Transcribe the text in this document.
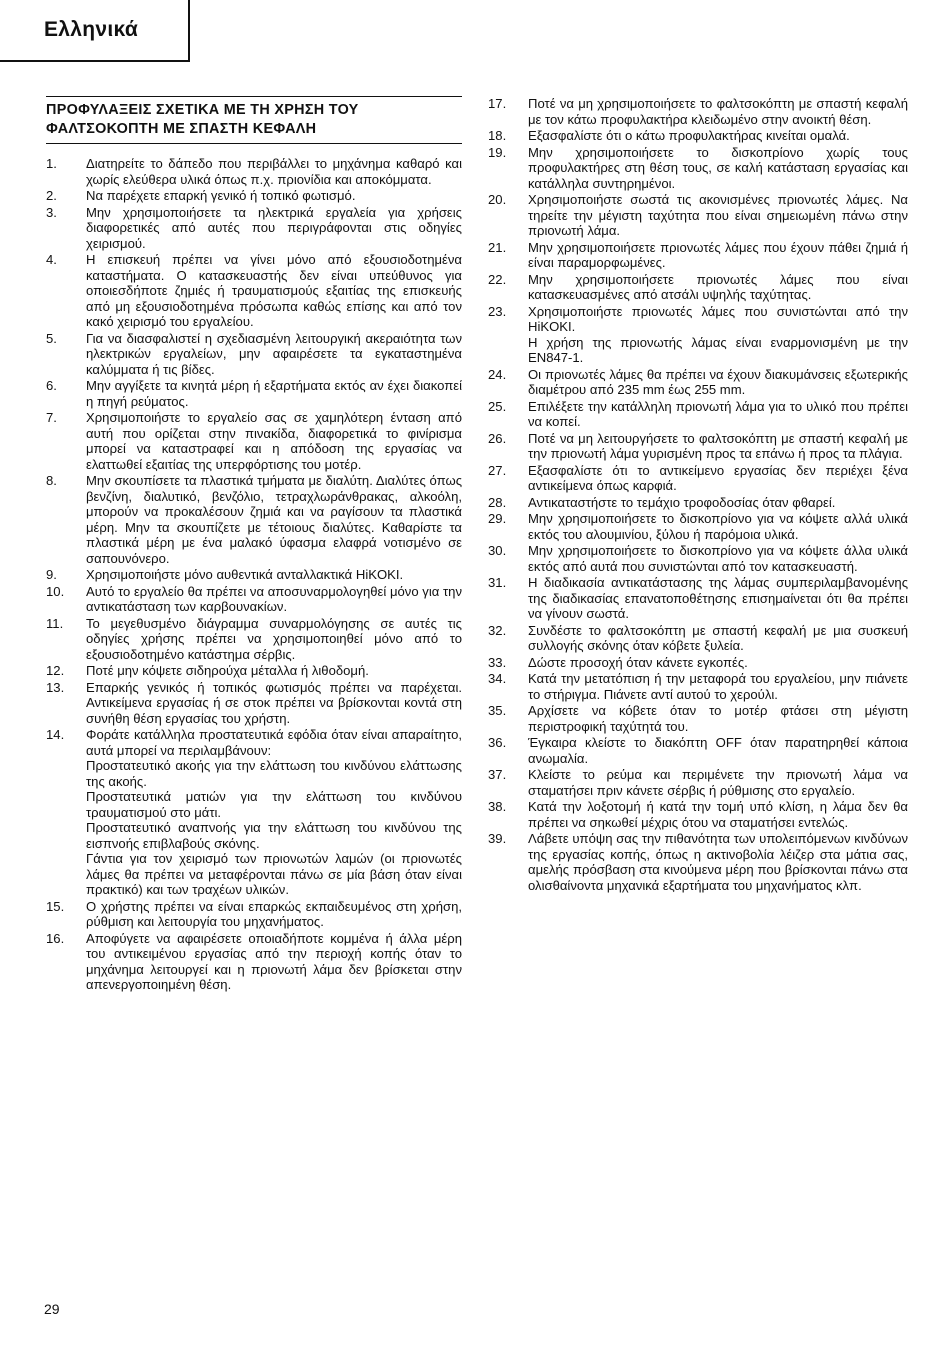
Ελληνικά
ΠΡΟΦΥΛΑΞΕΙΣ ΣΧΕΤΙΚΑ ΜΕ ΤΗ ΧΡΗΣΗ ΤΟΥ
ΦΑΛΤΣΟΚΟΠΤΗ ΜΕ ΣΠΑΣΤΗ ΚΕΦΑΛΗ
1.	Διατηρείτε το δάπεδο που περιβάλλει το μηχάνημα καθαρό και χωρίς ελεύθερα υλικά όπως π.χ. πριονίδια και αποκόμματα.
2.	Να παρέχετε επαρκή γενικό ή τοπικό φωτισμό.
3.	Μην χρησιμοποιήσετε τα ηλεκτρικά εργαλεία για χρήσεις διαφορετικές από αυτές που περιγράφονται στις οδηγίες χειρισμού.
4.	Η επισκευή πρέπει να γίνει μόνο από εξουσιοδοτημένα καταστήματα. Ο κατασκευαστής δεν είναι υπεύθυνος για οποιεσδήποτε ζημιές ή τραυματισμούς εξαιτίας της επισκευής από μη εξουσιοδοτημένα πρόσωπα καθώς επίσης και από τον κακό χειρισμό του εργαλείου.
5.	Για να διασφαλιστεί η σχεδιασμένη λειτουργική ακεραιότητα των ηλεκτρικών εργαλείων, μην αφαιρέσετε τα εγκαταστημένα καλύμματα ή τις βίδες.
6.	Μην αγγίξετε τα κινητά μέρη ή εξαρτήματα εκτός αν έχει διακοπεί η πηγή ρεύματος.
7.	Χρησιμοποιήστε το εργαλείο σας σε χαμηλότερη ένταση από αυτή που ορίζεται στην πινακίδα, διαφορετικά το φινίρισμα μπορεί να καταστραφεί και η απόδοση της εργασίας να ελαττωθεί εξαιτίας της υπερφόρτισης του μοτέρ.
8.	Μην σκουπίσετε τα πλαστικά τμήματα με διαλύτη. Διαλύτες όπως βενζίνη, διαλυτικό, βενζόλιο, τετραχλωράνθρακας, αλκοόλη, μπορούν να προκαλέσουν ζημιά και να ραγίσουν τα πλαστικά μέρη. Μην τα σκουπίζετε με τέτοιους διαλύτες. Καθαρίστε τα πλαστικά μέρη με ένα μαλακό ύφασμα ελαφρά νοτισμένο σε σαπουνόνερο.
9.	Χρησιμοποιήστε μόνο αυθεντικά ανταλλακτικά HiKOKI.
10.	Αυτό το εργαλείο θα πρέπει να αποσυναρμολογηθεί μόνο για την αντικατάσταση των καρβουνακίων.
11.	Το μεγεθυσμένο διάγραμμα συναρμολόγησης σε αυτές τις οδηγίες χρήσης πρέπει να χρησιμοποιηθεί μόνο από το εξουσιοδοτημένο κατάστημα σέρβις.
12.	Ποτέ μην κόψετε σιδηρούχα μέταλλα ή λιθοδομή.
13.	Επαρκής γενικός ή τοπικός φωτισμός πρέπει να παρέχεται. Αντικείμενα εργασίας ή σε στοκ πρέπει να βρίσκονται κοντά στη συνήθη θέση εργασίας του χρήστη.
14.	Φοράτε κατάλληλα προστατευτικά εφόδια όταν είναι απαραίτητο, αυτά μπορεί να περιλαμβάνουν:
Προστατευτικό ακοής για την ελάττωση του κινδύνου ελάττωσης της ακοής.
Προστατευτικά ματιών για την ελάττωση του κινδύνου τραυματισμού στο μάτι.
Προστατευτικό αναπνοής για την ελάττωση του κινδύνου της εισπνοής επιβλαβούς σκόνης.
Γάντια για τον χειρισμό των πριονωτών λαμών (οι πριονωτές λάμες θα πρέπει να μεταφέρονται πάνω σε μία βάση όταν είναι πρακτικό) και των τραχέων υλικών.
15.	Ο χρήστης πρέπει να είναι επαρκώς εκπαιδευμένος στη χρήση, ρύθμιση και λειτουργία του μηχανήματος.
16.	Αποφύγετε να αφαιρέσετε οποιαδήποτε κομμένα ή άλλα μέρη του αντικειμένου εργασίας από την περιοχή κοπής όταν το μηχάνημα λειτουργεί και η πριονωτή λάμα δεν βρίσκεται στην απενεργοποιημένη θέση.
17.	Ποτέ να μη χρησιμοποιήσετε το φαλτσοκόπτη με σπαστή κεφαλή με τον κάτω προφυλακτήρα κλειδωμένο στην ανοικτή θέση.
18.	Εξασφαλίστε ότι ο κάτω προφυλακτήρας κινείται ομαλά.
19.	Μην χρησιμοποιήσετε το δισκοπρίονο χωρίς τους προφυλακτήρες στη θέση τους, σε καλή κατάσταση εργασίας και κατάλληλα συντηρημένοι.
20.	Χρησιμοποιήστε σωστά τις ακονισμένες πριονωτές λάμες. Να τηρείτε την μέγιστη ταχύτητα που είναι σημειωμένη πάνω στην πριονωτή λάμα.
21.	Μην χρησιμοποιήσετε πριονωτές λάμες που έχουν πάθει ζημιά ή είναι παραμορφωμένες.
22.	Μην χρησιμοποιήσετε πριονωτές λάμες που είναι κατασκευασμένες από ατσάλι υψηλής ταχύτητας.
23.	Χρησιμοποιήστε πριονωτές λάμες που συνιστώνται από την HiKOKI.
Η χρήση της πριονωτής λάμας είναι εναρμονισμένη με την EN847-1.
24.	Οι πριονωτές λάμες θα πρέπει να έχουν διακυμάνσεις εξωτερικής διαμέτρου από 235 mm έως 255 mm.
25.	Επιλέξετε την κατάλληλη πριονωτή λάμα για το υλικό που πρέπει να κοπεί.
26.	Ποτέ να μη λειτουργήσετε το φαλτσοκόπτη με σπαστή κεφαλή με την πριονωτή λάμα γυρισμένη προς τα επάνω ή προς τα πλάγια.
27.	Εξασφαλίστε ότι το αντικείμενο εργασίας δεν περιέχει ξένα αντικείμενα όπως καρφιά.
28.	Αντικαταστήστε το τεμάχιο τροφοδοσίας όταν φθαρεί.
29.	Μην χρησιμοποιήσετε το δισκοπρίονο για να κόψετε αλλά υλικά εκτός του αλουμινίου, ξύλου ή παρόμοια υλικά.
30.	Μην χρησιμοποιήσετε το δισκοπρίονο για να κόψετε άλλα υλικά εκτός από αυτά που συνιστώνται από τον κατασκευαστή.
31.	Η διαδικασία αντικατάστασης της λάμας συμπεριλαμβανομένης της διαδικασίας επανατοποθέτησης επισημαίνεται ότι θα πρέπει να γίνουν σωστά.
32.	Συνδέστε το φαλτσοκόπτη με σπαστή κεφαλή με μια συσκευή συλλογής σκόνης όταν κόβετε ξυλεία.
33.	Δώστε προσοχή όταν κάνετε εγκοπές.
34.	Κατά την μετατόπιση ή την μεταφορά του εργαλείου, μην πιάνετε το στήριγμα. Πιάνετε αντί αυτού το χερούλι.
35.	Αρχίσετε να κόβετε όταν το μοτέρ φτάσει στη μέγιστη περιστροφική ταχύτητά του.
36.	Έγκαιρα κλείστε το διακόπτη OFF όταν παρατηρηθεί κάποια ανωμαλία.
37.	Κλείστε το ρεύμα και περιμένετε την πριονωτή λάμα να σταματήσει πριν κάνετε σέρβις ή ρύθμισης στο εργαλείο.
38.	Κατά την λοξοτομή ή κατά την τομή υπό κλίση, η λάμα δεν θα πρέπει να σηκωθεί μέχρις ότου να σταματήσει εντελώς.
39.	Λάβετε υπόψη σας την πιθανότητα των υπολειπόμενων κινδύνων της εργασίας κοπής, όπως η ακτινοβολία λέιζερ στα μάτια σας, αμελής πρόσβαση στα κινούμενα μέρη που βρίσκονται πάνω στα ολισθαίνοντα μηχανικά εξαρτήματα του μηχανήματος κλπ.
29
